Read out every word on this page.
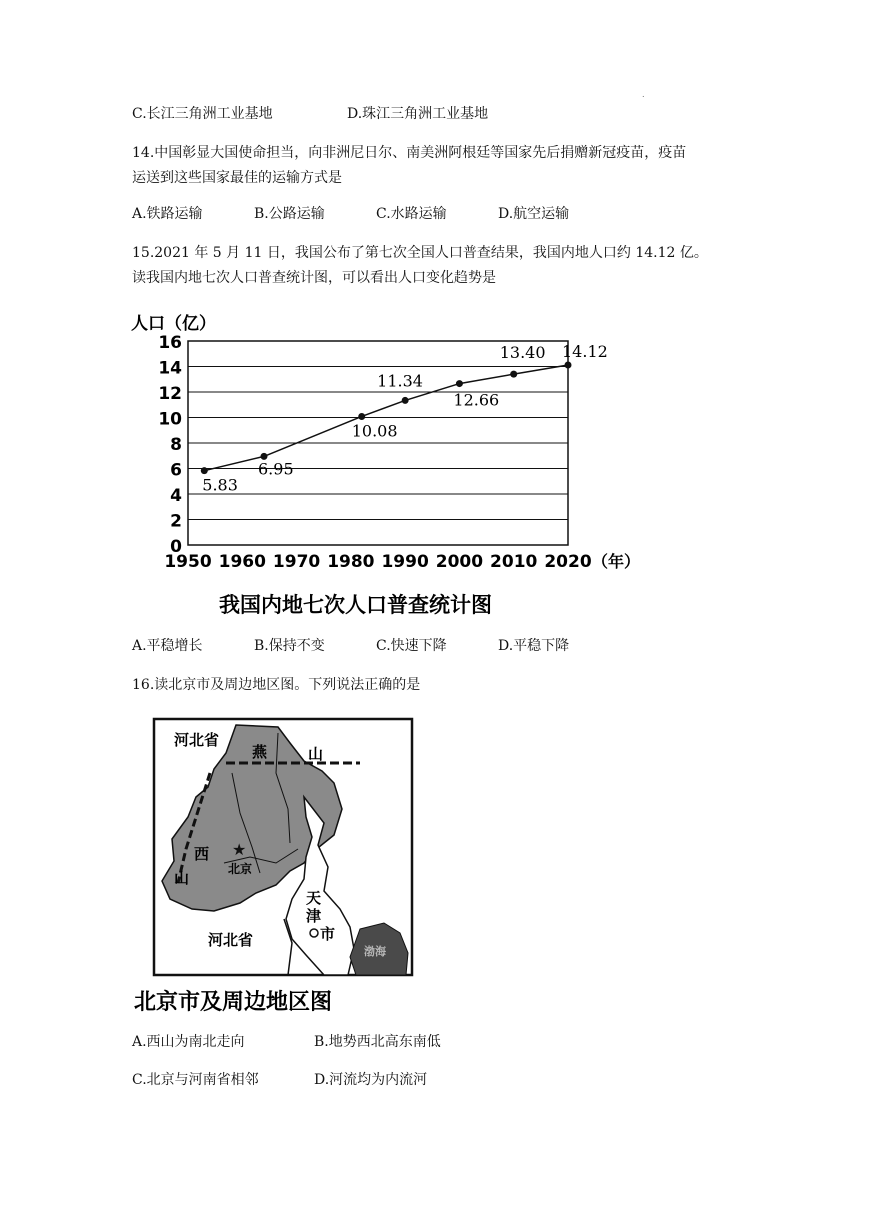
C.长江三角洲工业基地	D.珠江三角洲工业基地
.
14.中国彰显大国使命担当，向非洲尼日尔、南美洲阿根廷等国家先后捐赠新冠疫苗，疫苗
运送到这些国家最佳的运输方式是
A.铁路运输	B.公路运输	C.水路运输	D.航空运输
15.2021 年 5 月 11 日，我国公布了第七次全国人口普查结果，我国内地人口约 14.12 亿。
读我国内地七次人口普查统计图，可以看出人口变化趋势是
人口（亿）
0
2
4
6
8
10
12
14
16
1950 1960 1970 1980 1990 2000 2010 2020 （年）
5.83
6.95
10.08
11.34
12.66
13.40 14.12
我国内地七次人口普查统计图
A.平稳增长	B.保持不变	C.快速下降	D.平稳下降
16.读北京市及周边地区图。下列说法正确的是
★
河北省
燕	山
西
山	北京
天
津
市
河北省
渤海
北京市及周边地区图
A.西山为南北走向	B.地势西北高东南低
C.北京与河南省相邻	D.河流均为内流河
